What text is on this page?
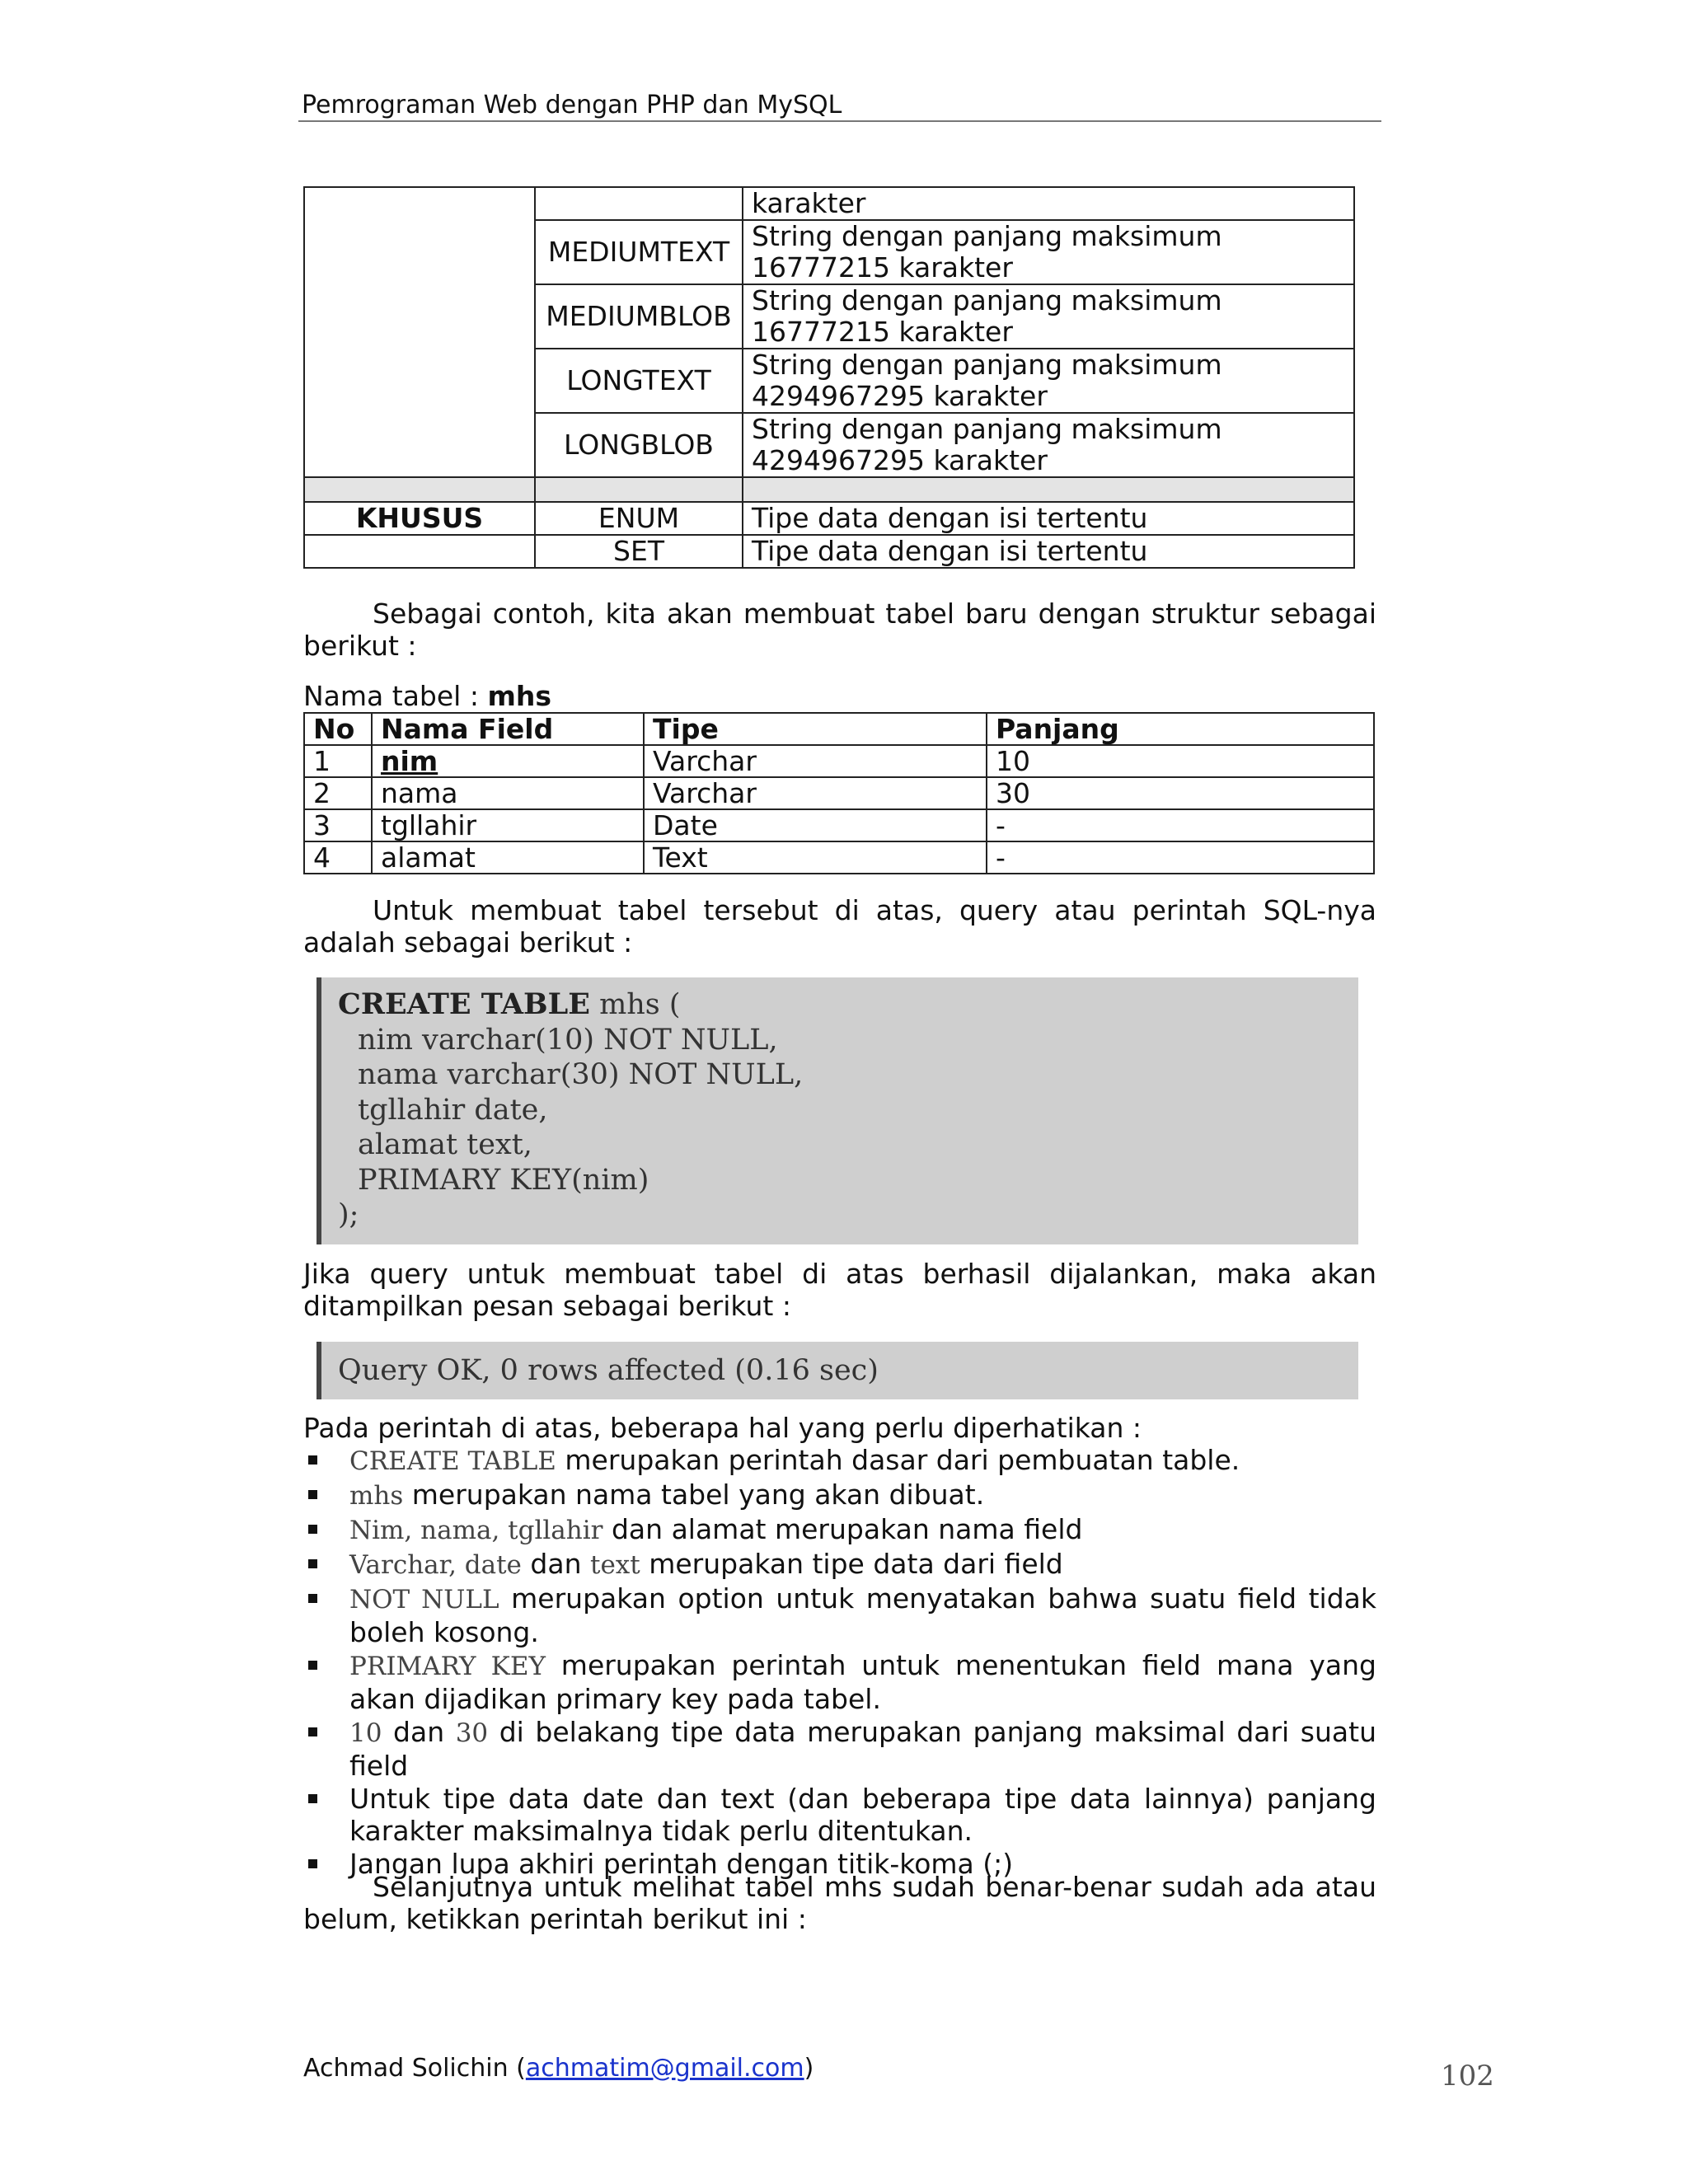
Pemrograman Web dengan PHP dan MySQL
		karakter
	MEDIUMTEXT	String dengan panjang maksimum 16777215 karakter
	MEDIUMBLOB	String dengan panjang maksimum 16777215 karakter
	LONGTEXT	String dengan panjang maksimum 4294967295 karakter
	LONGBLOB	String dengan panjang maksimum 4294967295 karakter

KHUSUS	ENUM	Tipe data dengan isi tertentu
	SET	Tipe data dengan isi tertentu
Sebagai contoh, kita akan membuat tabel baru dengan struktur sebagai berikut :
Nama tabel : mhs
No	Nama Field	Tipe	Panjang
1	nim	Varchar	10
2	nama	Varchar	30
3	tgllahir	Date	-
4	alamat	Text	-
Untuk membuat tabel tersebut di atas, query atau perintah SQL-nya adalah sebagai berikut :
CREATE TABLE mhs (
nim varchar(10) NOT NULL,
nama varchar(30) NOT NULL,
tgllahir date,
alamat text,
PRIMARY KEY(nim)
);
Jika query untuk membuat tabel di atas berhasil dijalankan, maka akan ditampilkan pesan sebagai berikut :
Query OK, 0 rows affected (0.16 sec)
Pada perintah di atas, beberapa hal yang perlu diperhatikan :
CREATE TABLE merupakan perintah dasar dari pembuatan table.
mhs merupakan nama tabel yang akan dibuat.
Nim, nama, tgllahir dan alamat merupakan nama field
Varchar, date dan text merupakan tipe data dari field
NOT NULL merupakan option untuk menyatakan bahwa suatu field tidak boleh kosong.
PRIMARY KEY merupakan perintah untuk menentukan field mana yang akan dijadikan primary key pada tabel.
10 dan 30 di belakang tipe data merupakan panjang maksimal dari suatu field
Untuk tipe data date dan text (dan beberapa tipe data lainnya) panjang karakter maksimalnya tidak perlu ditentukan.
Jangan lupa akhiri perintah dengan titik-koma (;)
Selanjutnya untuk melihat tabel mhs sudah benar-benar sudah ada atau belum, ketikkan perintah berikut ini :
Achmad Solichin (achmatim@gmail.com)	102
